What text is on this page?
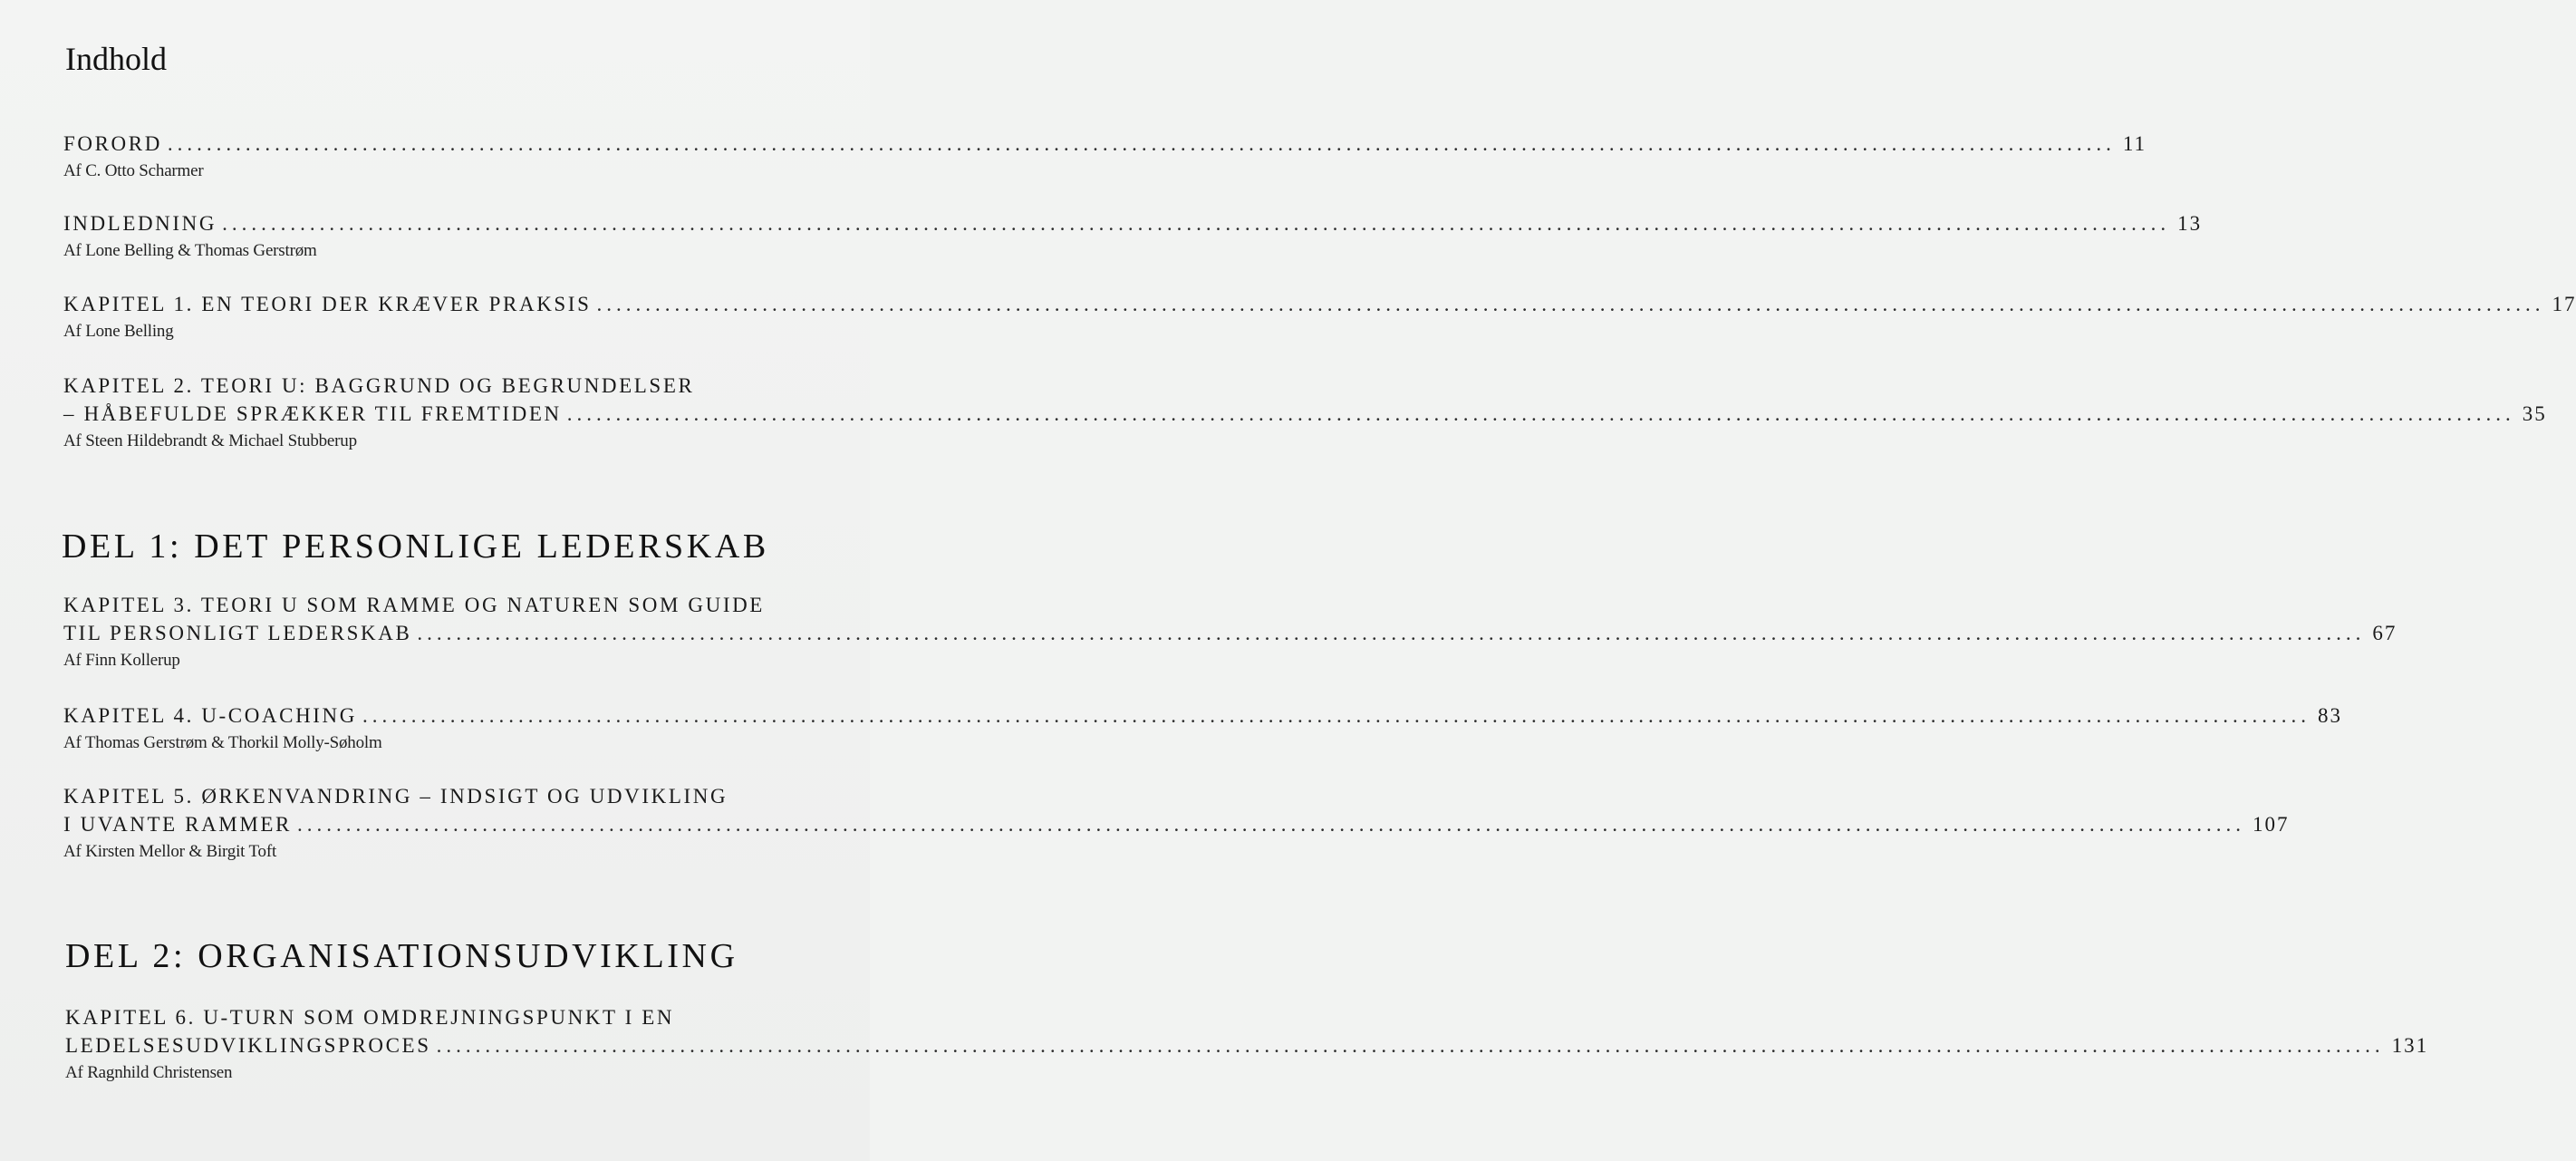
Indhold
FORORD ........................................................................................................................................................................................................ 11
Af C. Otto Scharmer
INDLEDNING ........................................................................................................................................................................................................ 13
Af Lone Belling & Thomas Gerstrøm
KAPITEL 1. EN TEORI DER KRÆVER PRAKSIS ........................................................................................................................................................................................................ 17
Af Lone Belling
KAPITEL 2. TEORI U: BAGGRUND OG BEGRUNDELSER
– HÅBEFULDE SPRÆKKER TIL FREMTIDEN ........................................................................................................................................................................................................ 35
Af Steen Hildebrandt & Michael Stubberup
DEL 1: DET PERSONLIGE LEDERSKAB
KAPITEL 3. TEORI U SOM RAMME OG NATUREN SOM GUIDE
TIL PERSONLIGT LEDERSKAB ........................................................................................................................................................................................................ 67
Af Finn Kollerup
KAPITEL 4. U-COACHING ........................................................................................................................................................................................................ 83
Af Thomas Gerstrøm & Thorkil Molly-Søholm
KAPITEL 5. ØRKENVANDRING – INDSIGT OG UDVIKLING
I UVANTE RAMMER ........................................................................................................................................................................................................ 107
Af Kirsten Mellor & Birgit Toft
DEL 2: ORGANISATIONSUDVIKLING
KAPITEL 6. U-TURN SOM OMDREJNINGSPUNKT I EN
LEDELSESUDVIKLINGSPROCES ........................................................................................................................................................................................................ 131
Af Ragnhild Christensen
